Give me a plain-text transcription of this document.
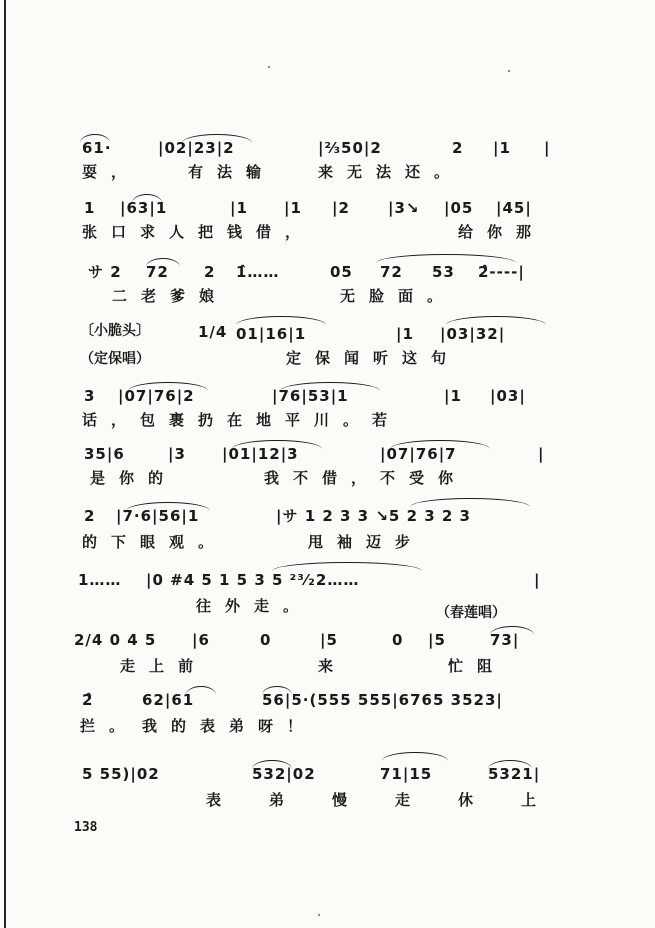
61·	|02|23|2	|⅔50|2	2 |1 |
耍，	有法输	来无法还。
1 |63|1	|1 |1 |2	|3↘ |05 |45|
张口求人把钱借，	给你那
サ 2 72 2 1̂……	05 72 53 2̂----|
二老爹娘	无脸面。
〔小脆头〕	1/4 01|16|1	|1 |03|32|
（定保唱）	定保闻听这句
3 |07|76|2	|76|53|1	|1 |03|
话，包裹扔在地平川。若
35|6	|3 |01|12|3	|07|76|7	|
是你的	我不借，不受你
2 |7·6|56|1	|サ 1 2 3 3 ↘5 2 3 2 3
的下眼观。	甩袖迈步
1…… |0 #4 5 1 5 3 5 ²³⁄₂2……	|
往外走。	（春莲唱）
2/4 0 4 5 |6	0	|5	0 |5	73|
走上前	来	忙阻
2̂	62|61	56|5·(555 555|6765 3523|
拦。 我的表弟呀！
5 55)|02	532|02	71|15	5321|
表弟慢走休上
138
